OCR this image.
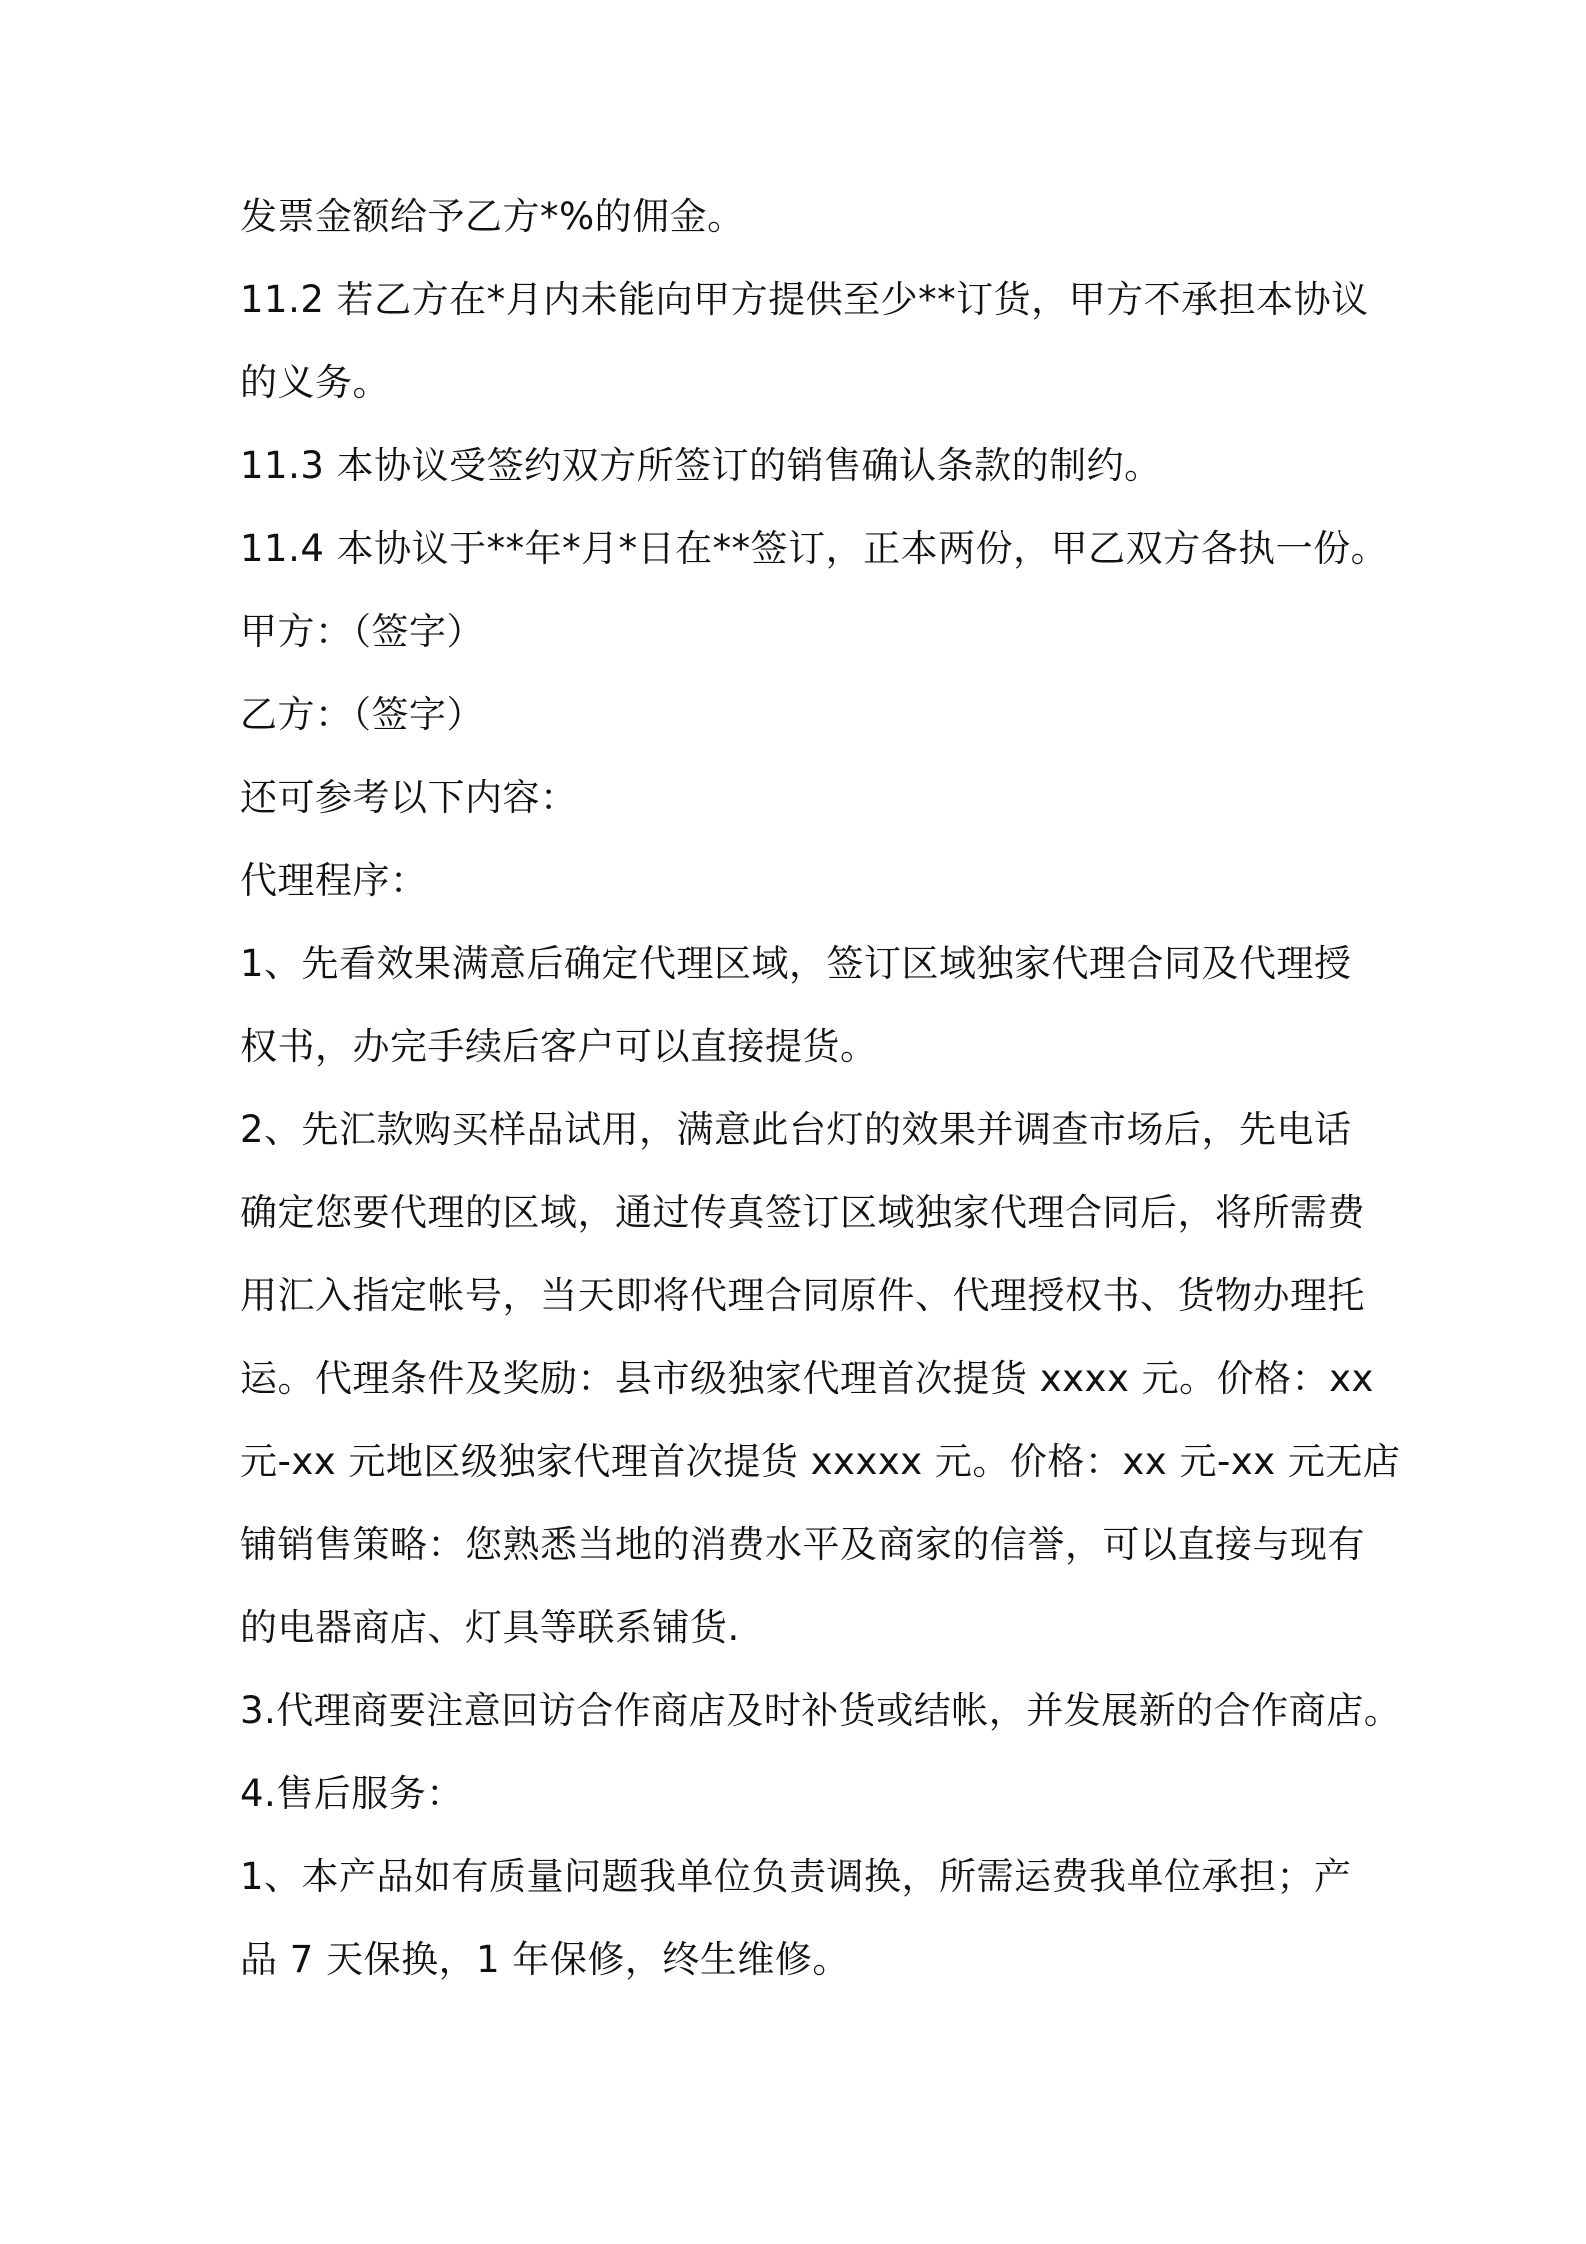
发票金额给予乙方*%的佣金。

11.2 若乙方在*月内未能向甲方提供至少**订货，甲方不承担本协议

的义务。

11.3 本协议受签约双方所签订的销售确认条款的制约。

11.4 本协议于**年*月*日在**签订，正本两份，甲乙双方各执一份。

甲方：（签字）

乙方：（签字）

还可参考以下内容：

代理程序：

1、先看效果满意后确定代理区域，签订区域独家代理合同及代理授

权书，办完手续后客户可以直接提货。

2、先汇款购买样品试用，满意此台灯的效果并调查市场后，先电话

确定您要代理的区域，通过传真签订区域独家代理合同后，将所需费

用汇入指定帐号，当天即将代理合同原件、代理授权书、货物办理托

运。代理条件及奖励：县市级独家代理首次提货 xxxx 元。价格：xx

元-xx 元地区级独家代理首次提货 xxxxx 元。价格：xx 元-xx 元无店

铺销售策略：您熟悉当地的消费水平及商家的信誉，可以直接与现有

的电器商店、灯具等联系铺货.

3.代理商要注意回访合作商店及时补货或结帐，并发展新的合作商店。

4.售后服务：

1、本产品如有质量问题我单位负责调换，所需运费我单位承担；产

品 7 天保换，1 年保修，终生维修。
